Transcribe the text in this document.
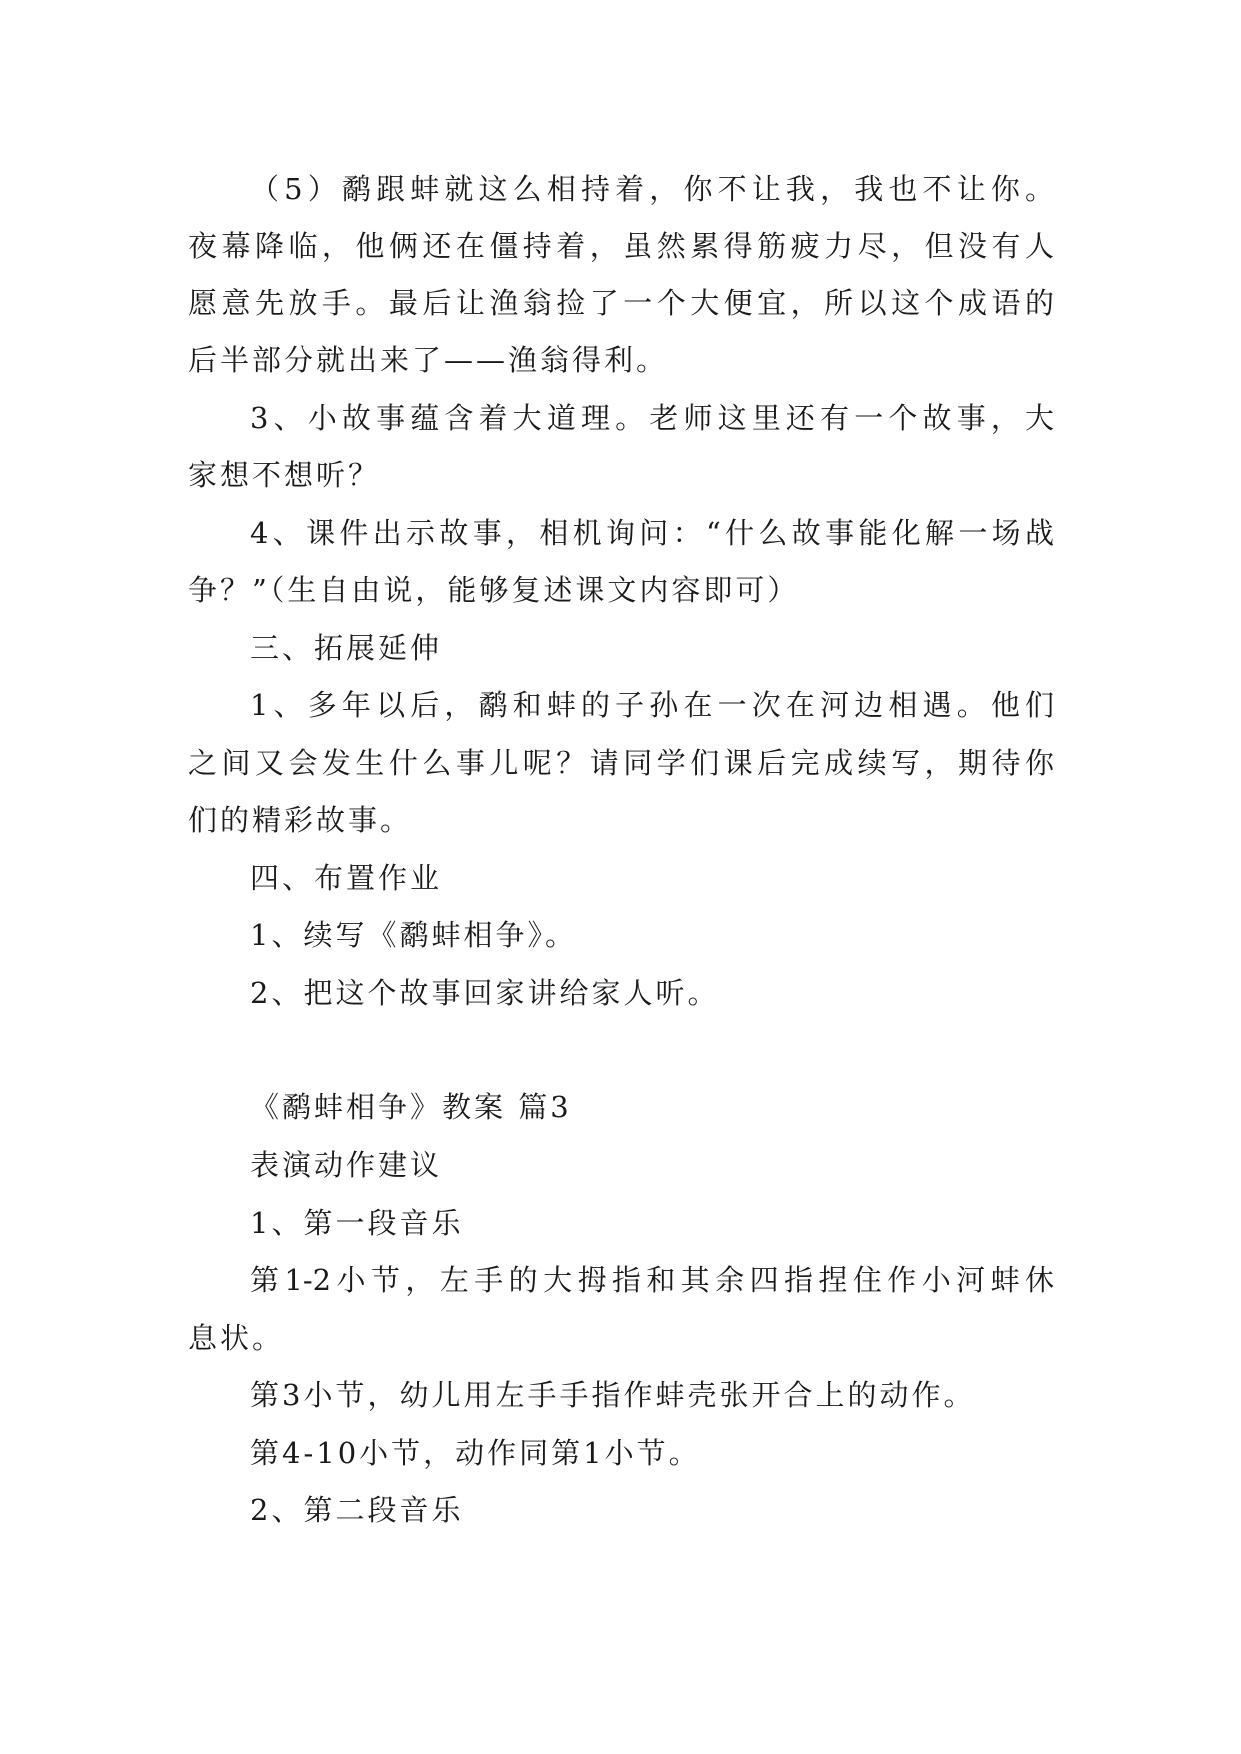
（5）鹬跟蚌就这么相持着，你不让我，我也不让你。
夜幕降临，他俩还在僵持着，虽然累得筋疲力尽，但没有人
愿意先放手。最后让渔翁捡了一个大便宜，所以这个成语的
后半部分就出来了——渔翁得利。
3、小故事蕴含着大道理。老师这里还有一个故事，大
家想不想听？
4、课件出示故事，相机询问：“什么故事能化解一场战
争？”（生自由说，能够复述课文内容即可）
三、拓展延伸
1、多年以后，鹬和蚌的子孙在一次在河边相遇。他们
之间又会发生什么事儿呢？请同学们课后完成续写，期待你
们的精彩故事。
四、布置作业
1、续写《鹬蚌相争》。
2、把这个故事回家讲给家人听。
《鹬蚌相争》教案 篇3
表演动作建议
1、第一段音乐
第1-2小节，左手的大拇指和其余四指捏住作小河蚌休
息状。
第3小节，幼儿用左手手指作蚌壳张开合上的动作。
第4-10小节，动作同第1小节。
2、第二段音乐
